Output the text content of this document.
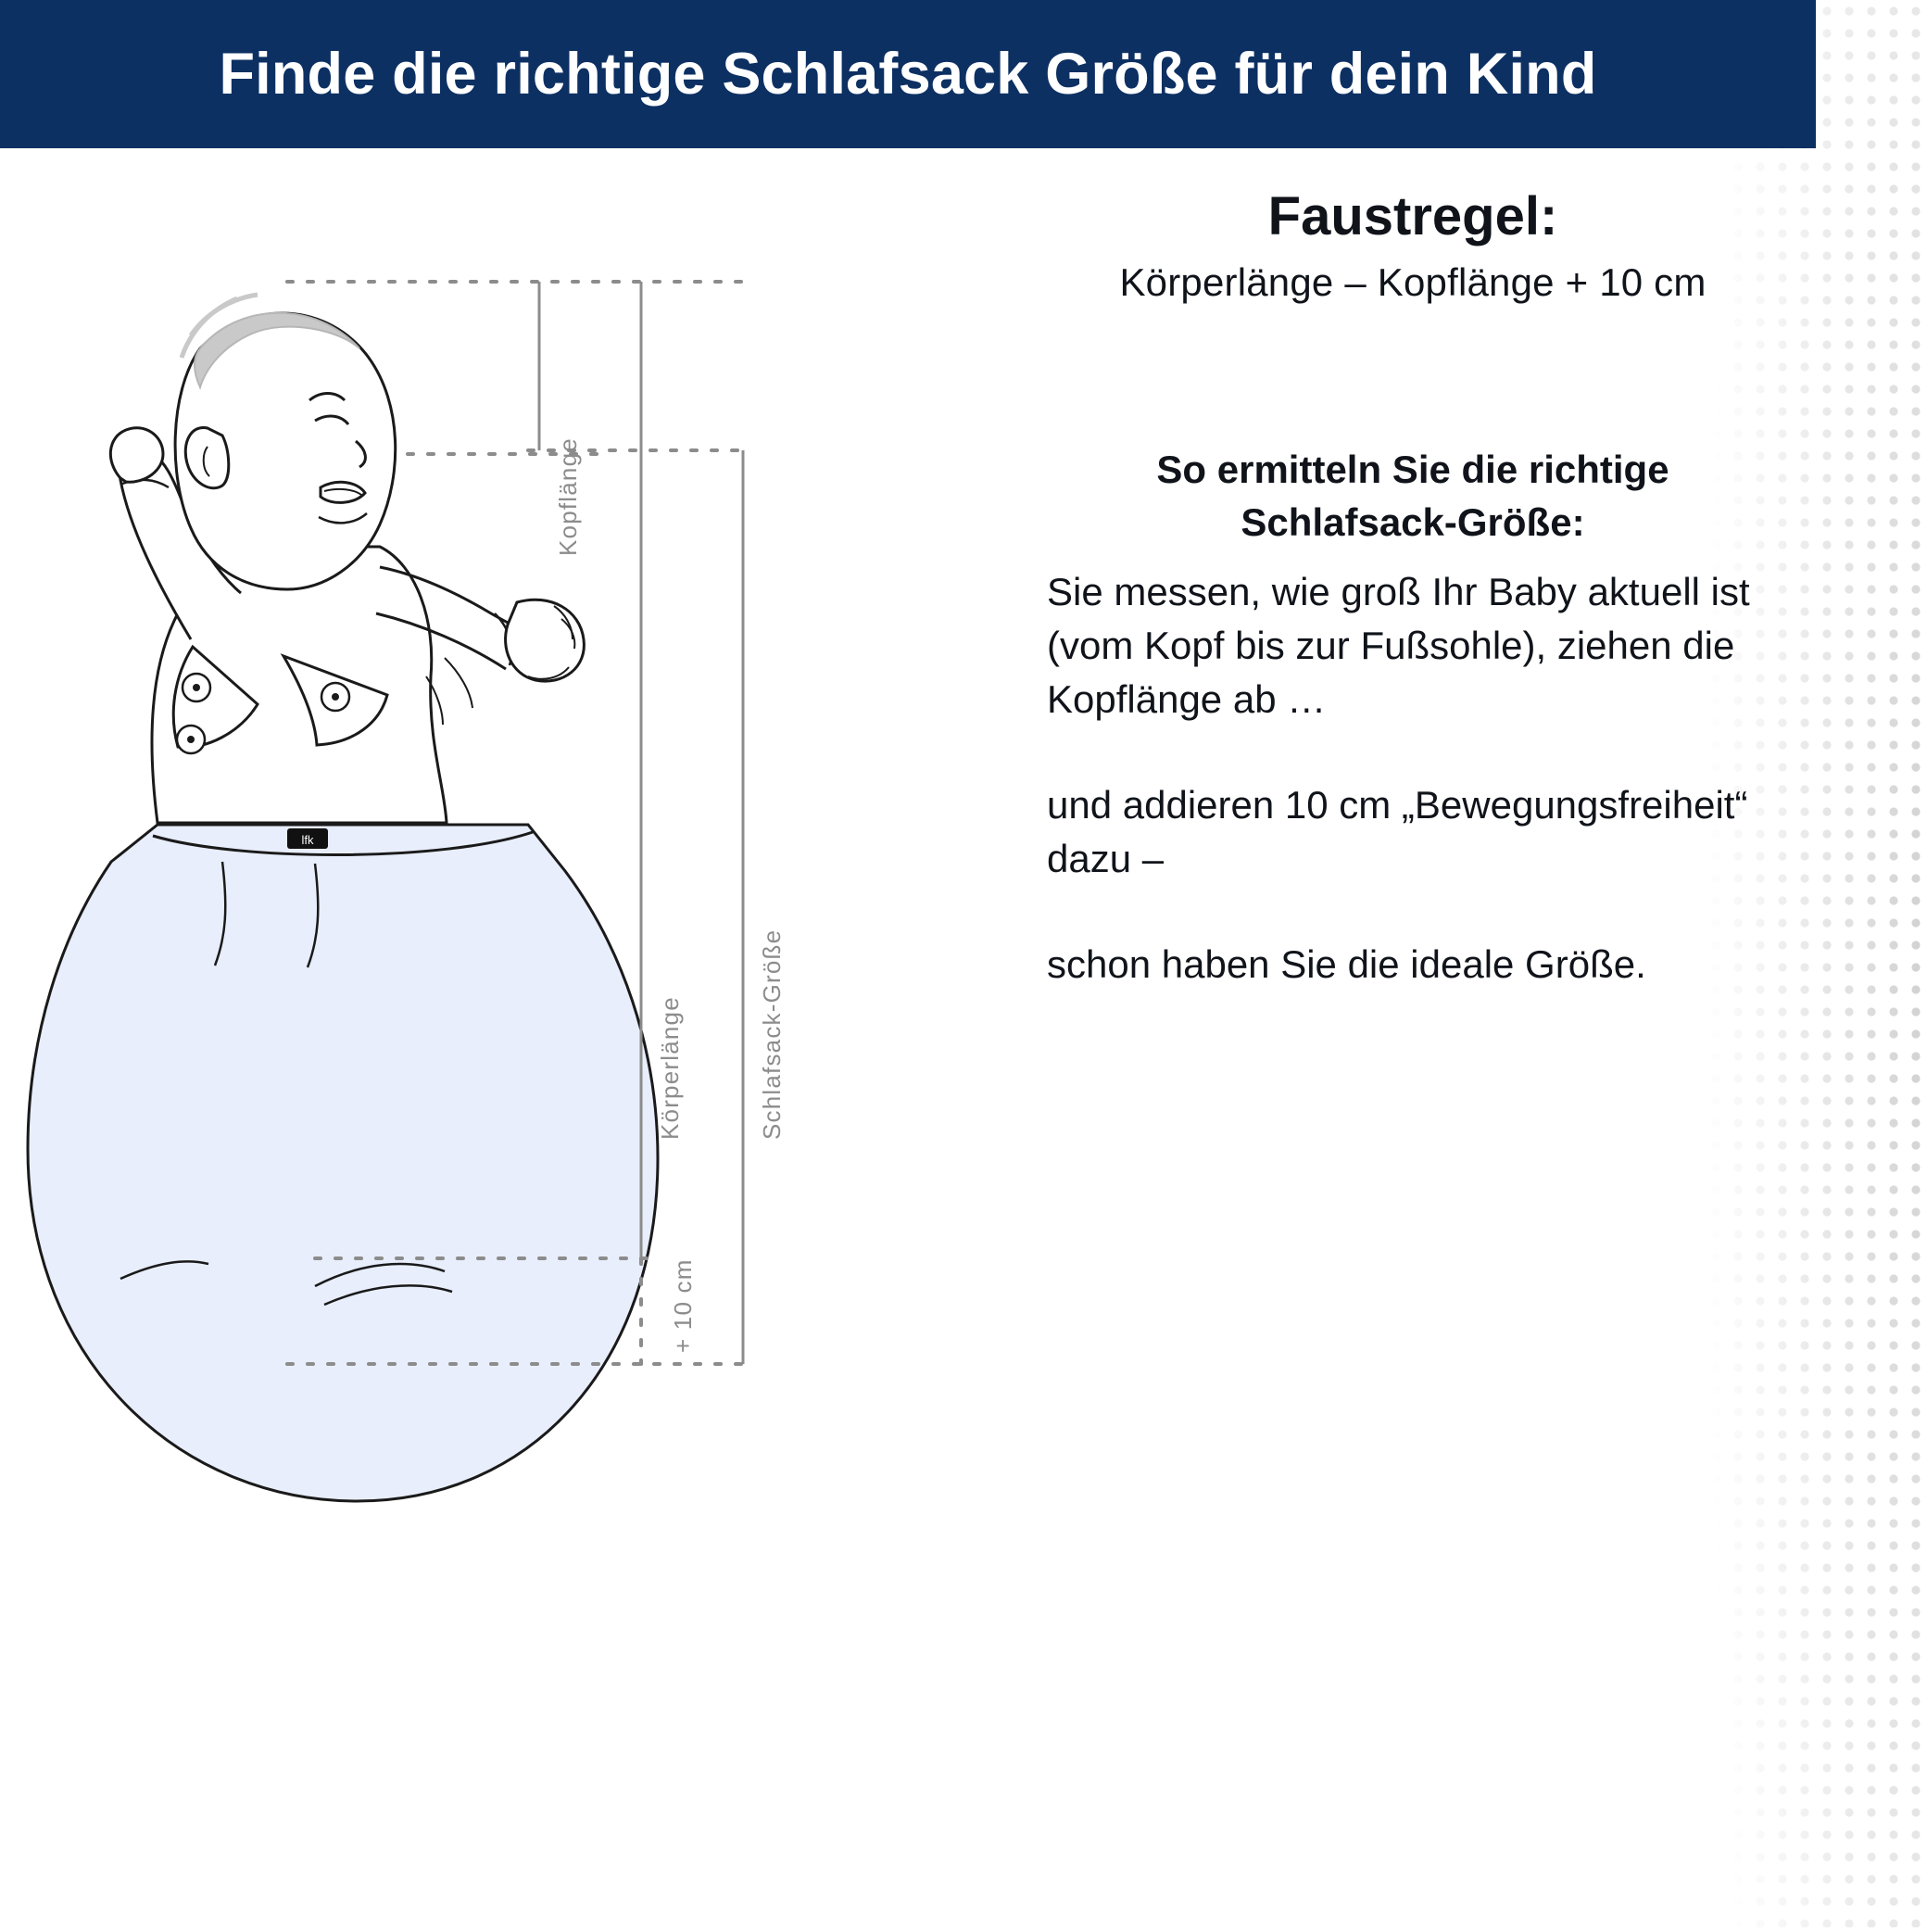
Finde die richtige Schlafsack Größe für dein Kind
lfk
Kopflänge
Körperlänge	Schlafsack-Größe
+ 10 cm
Faustregel:

Körperlänge – Kopflänge + 10 cm

So ermitteln Sie die richtige
Schlafsack-Größe:

Sie messen, wie groß Ihr Baby aktuell ist (vom Kopf bis zur Fußsohle), ziehen die Kopflänge ab …

und addieren 10 cm „Bewegungsfreiheit“ dazu –

schon haben Sie die ideale Größe.
